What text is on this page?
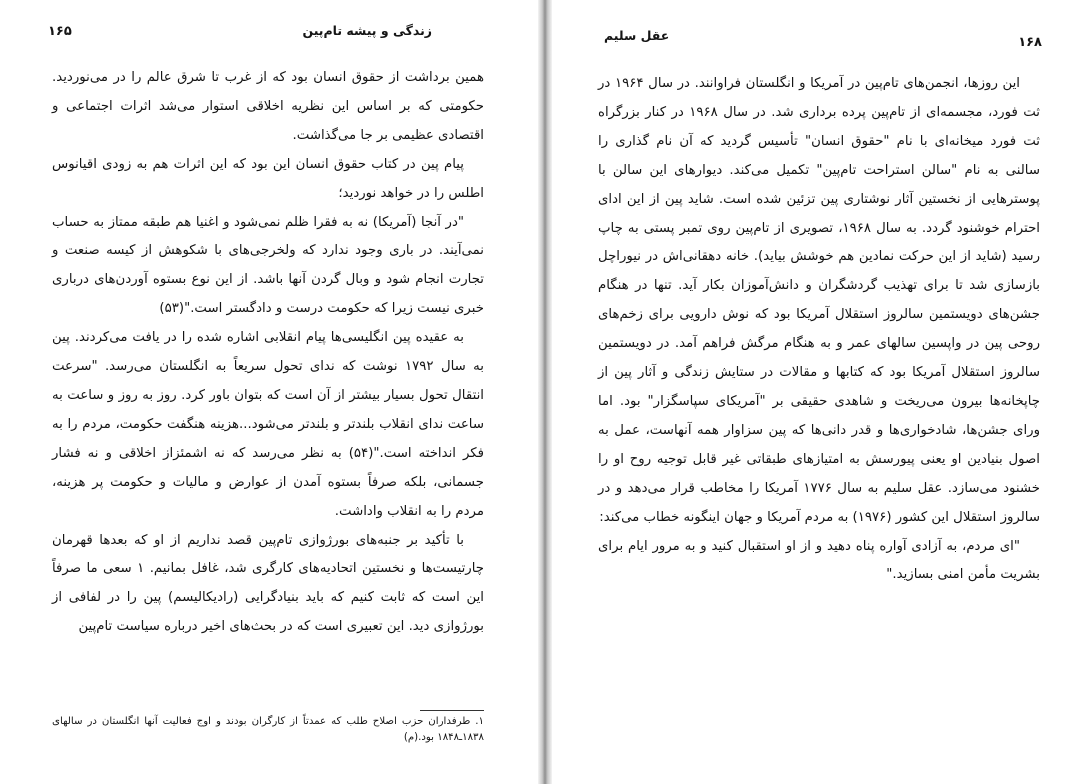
زندگی و پیشه تام‌پین
۱۶۵

همین برداشت از حقوق انسان بود که از غرب تا شرق عالم را در می‌نوردید. حکومتی که بر اساس این نظریه اخلاقی استوار می‌شد اثرات اجتماعی و اقتصادی عظیمی بر جا می‌گذاشت.

پیام پین در کتاب حقوق انسان این بود که این اثرات هم به زودی اقیانوس اطلس را در خواهد نوردید؛

"در آنجا (آمریکا) نه به فقرا ظلم نمی‌شود و اغنیا هم طبقه ممتاز به حساب نمی‌آیند. در باری وجود ندارد که ولخرجی‌های با شکوهش از کیسه صنعت و تجارت انجام شود و وبال گردن آنها باشد. از این نوع بستوه آوردن‌های درباری خبری نیست زیرا که حکومت درست و دادگستر است."(۵۳)

به عقیده پین انگلیسی‌ها پیام انقلابی اشاره شده را در یافت می‌کردند. پین به سال ۱۷۹۲ نوشت که ندای تحول سریعاً به انگلستان می‌رسد. "سرعت انتقال تحول بسیار بیشتر از آن است که بتوان باور کرد. روز به روز و ساعت به ساعت ندای انقلاب بلندتر و بلندتر می‌شود...هزینه هنگفت حکومت، مردم را به فکر انداخته است."(۵۴) به نظر می‌رسد که نه اشمئزاز اخلاقی و نه فشار جسمانی، بلکه صرفاً بستوه آمدن از عوارض و مالیات و حکومت پر هزینه، مردم را به انقلاب واداشت.

با تأکید بر جنبه‌های بورژوازی تام‌پین قصد نداریم از او که بعدها قهرمان چارتیست‌ها و نخستین اتحادیه‌های کارگری شد، غافل بمانیم. ۱ سعی ما صرفاً این است که ثابت کنیم که باید بنیادگرایی (رادیکالیسم) پین را در لفافی از بورژوازی دید. این تعبیری است که در بحث‌های اخیر درباره سیاست تام‌پین

۱. طرفداران حزب اصلاح طلب که عمدتاً از کارگران بودند و اوج فعالیت آنها انگلستان در سالهای ۱۸۳۸ـ۱۸۴۸ بود.(م)

عقل سلیم	۱۶۸

این روزها، انجمن‌های تام‌پین در آمریکا و انگلستان فراوانند. در سال ۱۹۶۴ در ثت فورد، مجسمه‌ای از تام‌پین پرده برداری شد. در سال ۱۹۶۸ در کنار بزرگراه ثت فورد میخانه‌ای با نام "حقوق انسان" تأسیس گردید که آن نام گذاری را سالنی به نام "سالن استراحت تام‌پین" تکمیل می‌کند. دیوارهای این سالن با پوسترهایی از نخستین آثار نوشتاری پین تزئین شده است. شاید پین از این ادای احترام خوشنود گردد. به سال ۱۹۶۸، تصویری از تام‌پین روی تمبر پستی به چاپ رسید (شاید از این حرکت نمادین هم خوشش بیاید). خانه دهقانی‌اش در نیوراچل بازسازی شد تا برای تهذیب گردشگران و دانش‌آموزان بکار آید. تنها در هنگام جشن‌های دویستمین سالروز استقلال آمریکا بود که نوش دارویی برای زخم‌های روحی پین در واپسین سالهای عمر و به هنگام مرگش فراهم آمد. در دویستمین سالروز استقلال آمریکا بود که کتابها و مقالات در ستایش زندگی و آثار پین از چاپخانه‌ها بیرون می‌ریخت و شاهدی حقیقی بر "آمریکای سپاسگزار" بود. اما ورای جشن‌ها، شادخواری‌ها و قدر دانی‌ها که پین سزاوار همه آنهاست، عمل به اصول بنیادین او یعنی پیورسش به امتیازهای طبقاتی غیر قابل توجیه روح او را خشنود می‌سازد. عقل سلیم به سال ۱۷۷۶ آمریکا را مخاطب قرار می‌دهد و در سالروز استقلال این کشور (۱۹۷۶) به مردم آمریکا و جهان اینگونه خطاب می‌کند:

"ای مردم، به آزادی آواره پناه دهید و از او استقبال کنید و به مرور ایام برای بشریت مأمن امنی بسازید."
